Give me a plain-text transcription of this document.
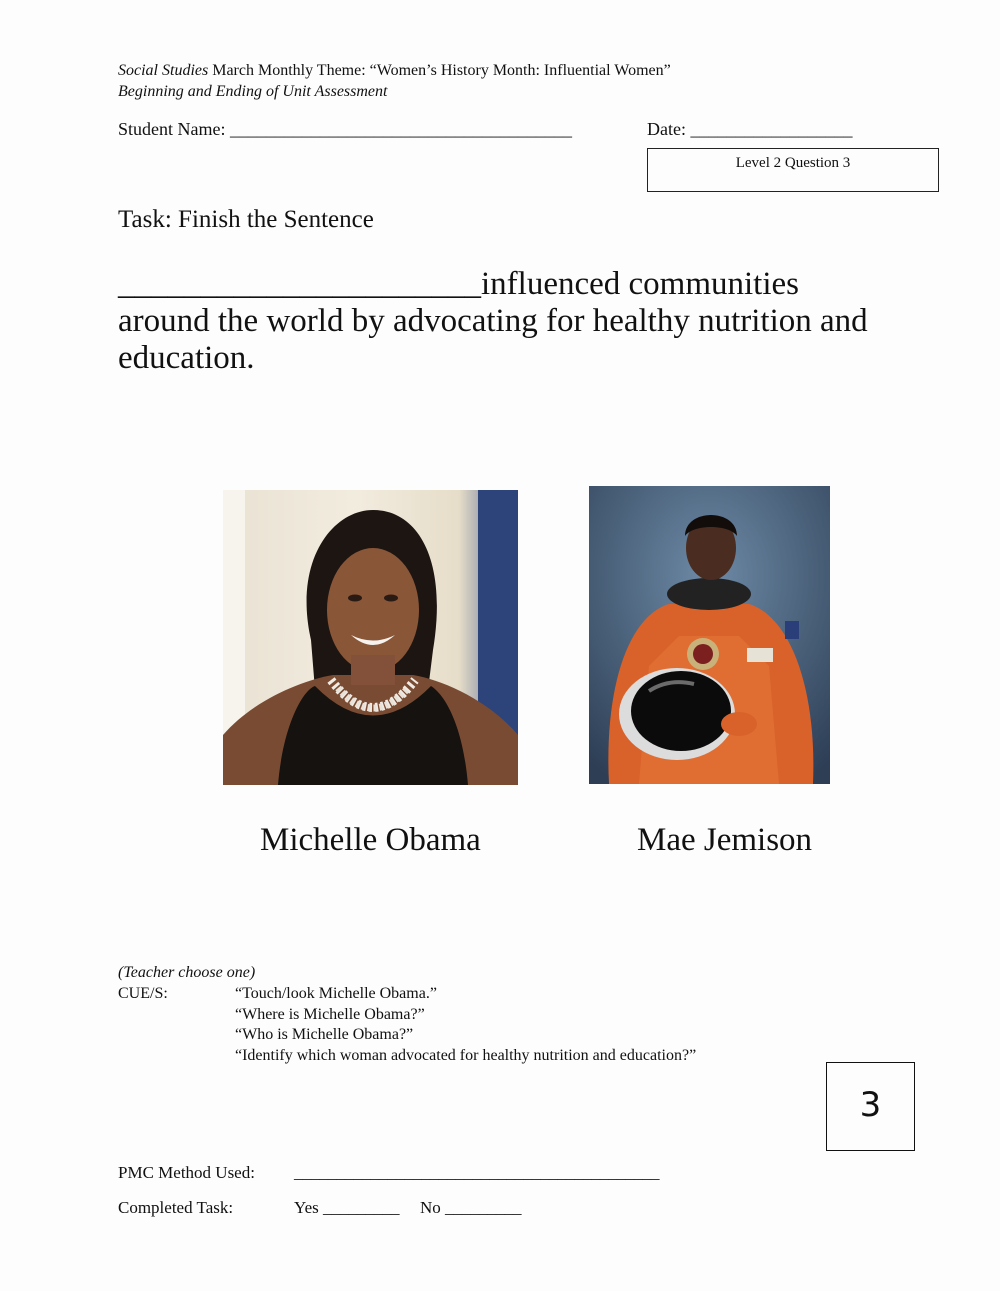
Social Studies March Monthly Theme: “Women’s History Month: Influential Women”
Beginning and Ending of Unit Assessment
Student Name: ______________________________________	Date: __________________
Level 2 Question 3
Task: Finish the Sentence
______________________influenced communities around the world by advocating for healthy nutrition and education.
Michelle Obama	Mae Jemison
(Teacher choose one)
CUE/S:	“Touch/look Michelle Obama.”
“Where is Michelle Obama?”
“Who is Michelle Obama?”
“Identify which woman advocated for healthy nutrition and education?”
3
PMC Method Used: ___________________________________________
Completed Task:	Yes _________ No _________
